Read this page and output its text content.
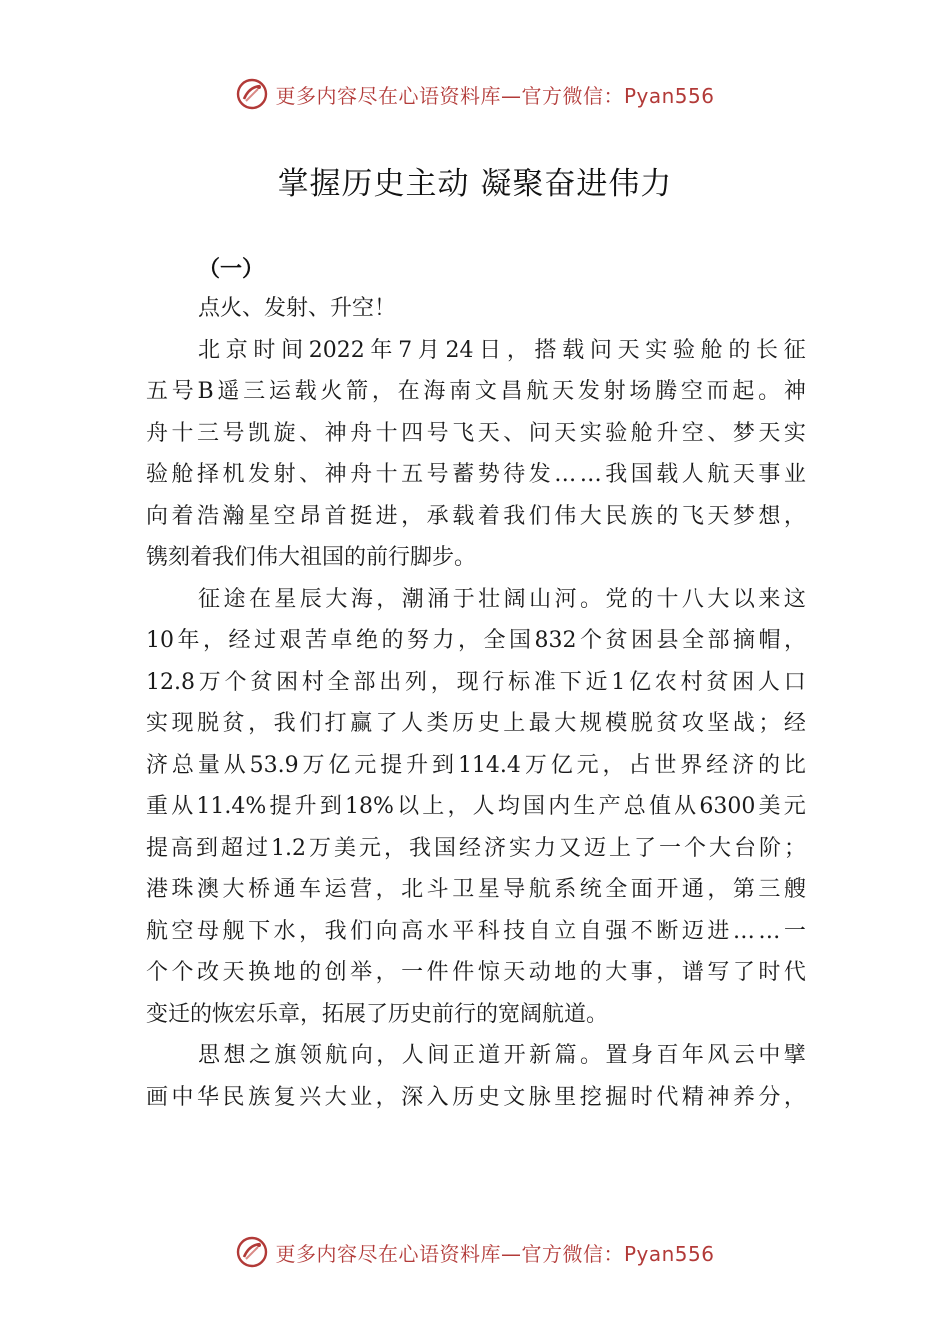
更多内容尽在心语资料库—官方微信：Pyan556
掌握历史主动 凝聚奋进伟力
（一）
点火、发射、升空！
北 京 时 间 2022 年 7 月 24 日 ， 搭 载 问 天 实 验 舱 的 长 征
五 号 B 遥 三 运 载 火 箭 ， 在 海 南 文 昌 航 天 发 射 场 腾 空 而 起 。 神
舟 十 三 号 凯 旋 、 神 舟 十 四 号 飞 天 、 问 天 实 验 舱 升 空 、 梦 天 实
验 舱 择 机 发 射 、 神 舟 十 五 号 蓄 势 待 发 … … 我 国 载 人 航 天 事 业
向 着 浩 瀚 星 空 昂 首 挺 进 ， 承 载 着 我 们 伟 大 民 族 的 飞 天 梦 想 ，
镌刻着我们伟大祖国的前行脚步。
征 途 在 星 辰 大 海 ， 潮 涌 于 壮 阔 山 河 。 党 的 十 八 大 以 来 这
10 年 ， 经 过 艰 苦 卓 绝 的 努 力 ， 全 国 832 个 贫 困 县 全 部 摘 帽 ，
12.8 万 个 贫 困 村 全 部 出 列 ， 现 行 标 准 下 近 1 亿 农 村 贫 困 人 口
实 现 脱 贫 ， 我 们 打 赢 了 人 类 历 史 上 最 大 规 模 脱 贫 攻 坚 战 ； 经
济 总 量 从 53.9 万 亿 元 提 升 到 114.4 万 亿 元 ， 占 世 界 经 济 的 比
重 从 11.4% 提 升 到 18% 以 上 ， 人 均 国 内 生 产 总 值 从 6300 美 元
提 高 到 超 过 1.2 万 美 元 ， 我 国 经 济 实 力 又 迈 上 了 一 个 大 台 阶 ；
港 珠 澳 大 桥 通 车 运 营 ， 北 斗 卫 星 导 航 系 统 全 面 开 通 ， 第 三 艘
航 空 母 舰 下 水 ， 我 们 向 高 水 平 科 技 自 立 自 强 不 断 迈 进 … … 一
个 个 改 天 换 地 的 创 举 ， 一 件 件 惊 天 动 地 的 大 事 ， 谱 写 了 时 代
变迁的恢宏乐章，拓展了历史前行的宽阔航道。
思 想 之 旗 领 航 向 ， 人 间 正 道 开 新 篇 。 置 身 百 年 风 云 中 擘
画 中 华 民 族 复 兴 大 业 ， 深 入 历 史 文 脉 里 挖 掘 时 代 精 神 养 分 ，
更多内容尽在心语资料库—官方微信：Pyan556
